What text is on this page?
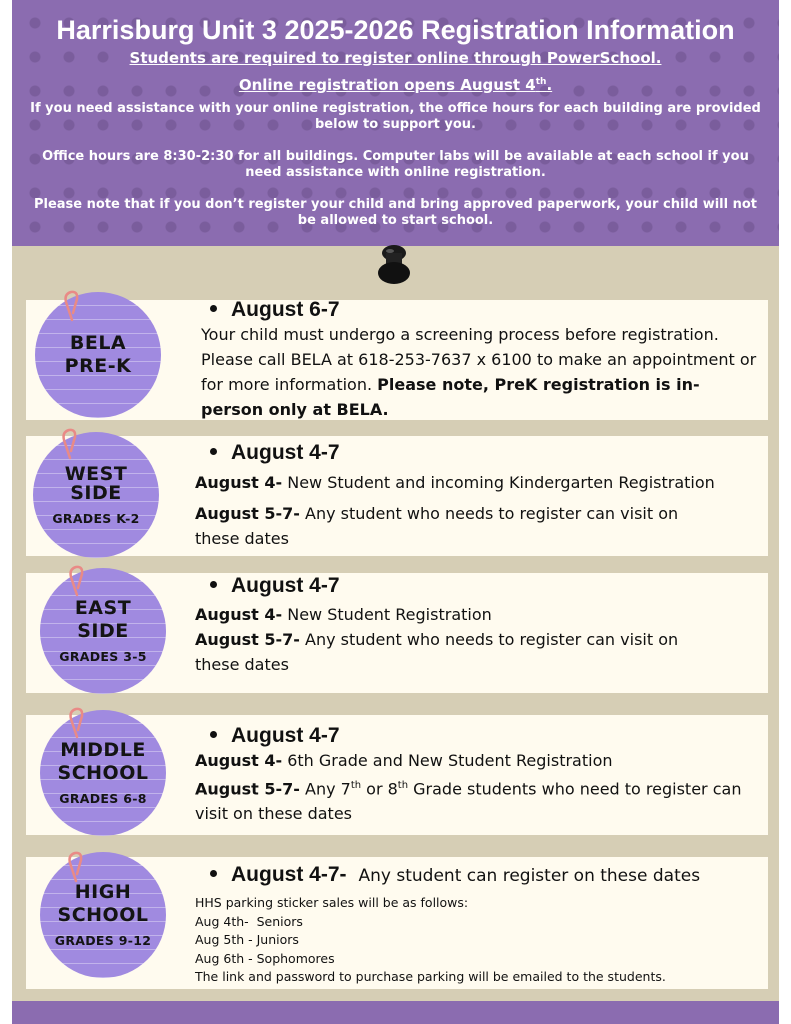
Harrisburg Unit 3 2025-2026 Registration Information
Students are required to register online through PowerSchool.
Online registration opens August 4th.
If you need assistance with your online registration, the office hours for each building are provided below to support you.
Office hours are 8:30-2:30 for all buildings. Computer labs will be available at each school if you need assistance with online registration.
Please note that if you don’t register your child and bring approved paperwork, your child will not be allowed to start school.
BELA
PRE-K
August 6-7
Your child must undergo a screening process before registration. Please call BELA at 618-253-7637 x 6100 to make an appointment or for more information. Please note, PreK registration is in-person only at BELA.
WEST
SIDE
GRADES K-2
August 4-7
August 4- New Student and incoming Kindergarten Registration
August 5-7- Any student who needs to register can visit on these dates
EAST
SIDE
GRADES 3-5
August 4-7
August 4- New Student Registration
August 5-7- Any student who needs to register can visit on these dates
MIDDLE
SCHOOL
GRADES 6-8
August 4-7
August 4- 6th Grade and New Student Registration
August 5-7- Any 7th or 8th Grade students who need to register can visit on these dates
HIGH
SCHOOL
GRADES 9-12
August 4-7- Any student can register on these dates
HHS parking sticker sales will be as follows:
Aug 4th-  Seniors
Aug 5th - Juniors
Aug 6th - Sophomores
The link and password to purchase parking will be emailed to the students.
